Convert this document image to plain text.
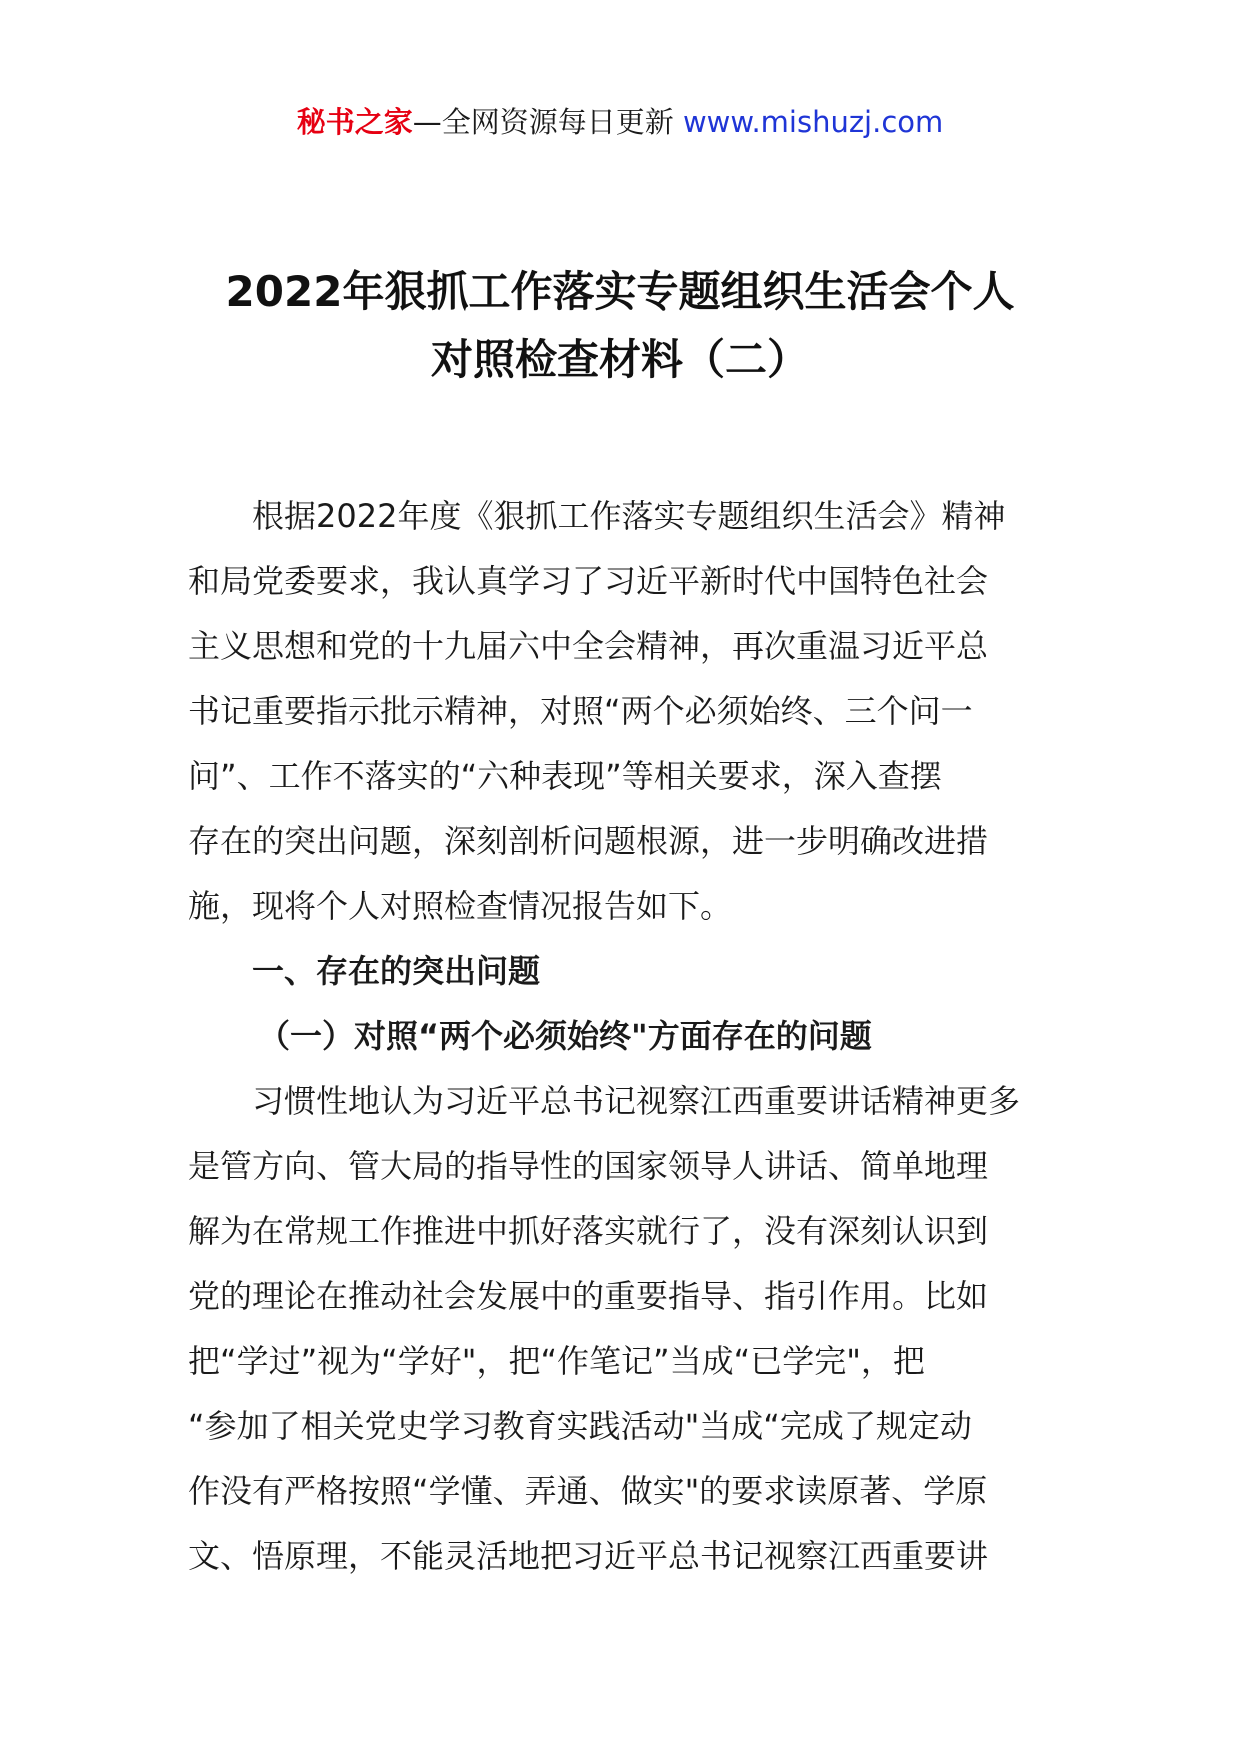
秘书之家—全网资源每日更新 www.mishuzj.com
2022年狠抓工作落实专题组织生活会个人
对照检查材料（二）
根据2022年度《狠抓工作落实专题组织生活会》精神
和局党委要求，我认真学习了习近平新时代中国特色社会
主义思想和党的十九届六中全会精神，再次重温习近平总
书记重要指示批示精神，对照“两个必须始终、三个问一
问”、工作不落实的“六种表现”等相关要求，深入查摆
存在的突出问题，深刻剖析问题根源，进一步明确改进措
施，现将个人对照检查情况报告如下。
一、存在的突出问题
（一）对照“两个必须始终"方面存在的问题
习惯性地认为习近平总书记视察江西重要讲话精神更多
是管方向、管大局的指导性的国家领导人讲话、简单地理
解为在常规工作推进中抓好落实就行了，没有深刻认识到
党的理论在推动社会发展中的重要指导、指引作用。比如
把“学过”视为“学好"，把“作笔记”当成“已学完"，把
“参加了相关党史学习教育实践活动"当成“完成了规定动
作没有严格按照“学懂、弄通、做实"的要求读原著、学原
文、悟原理，不能灵活地把习近平总书记视察江西重要讲
